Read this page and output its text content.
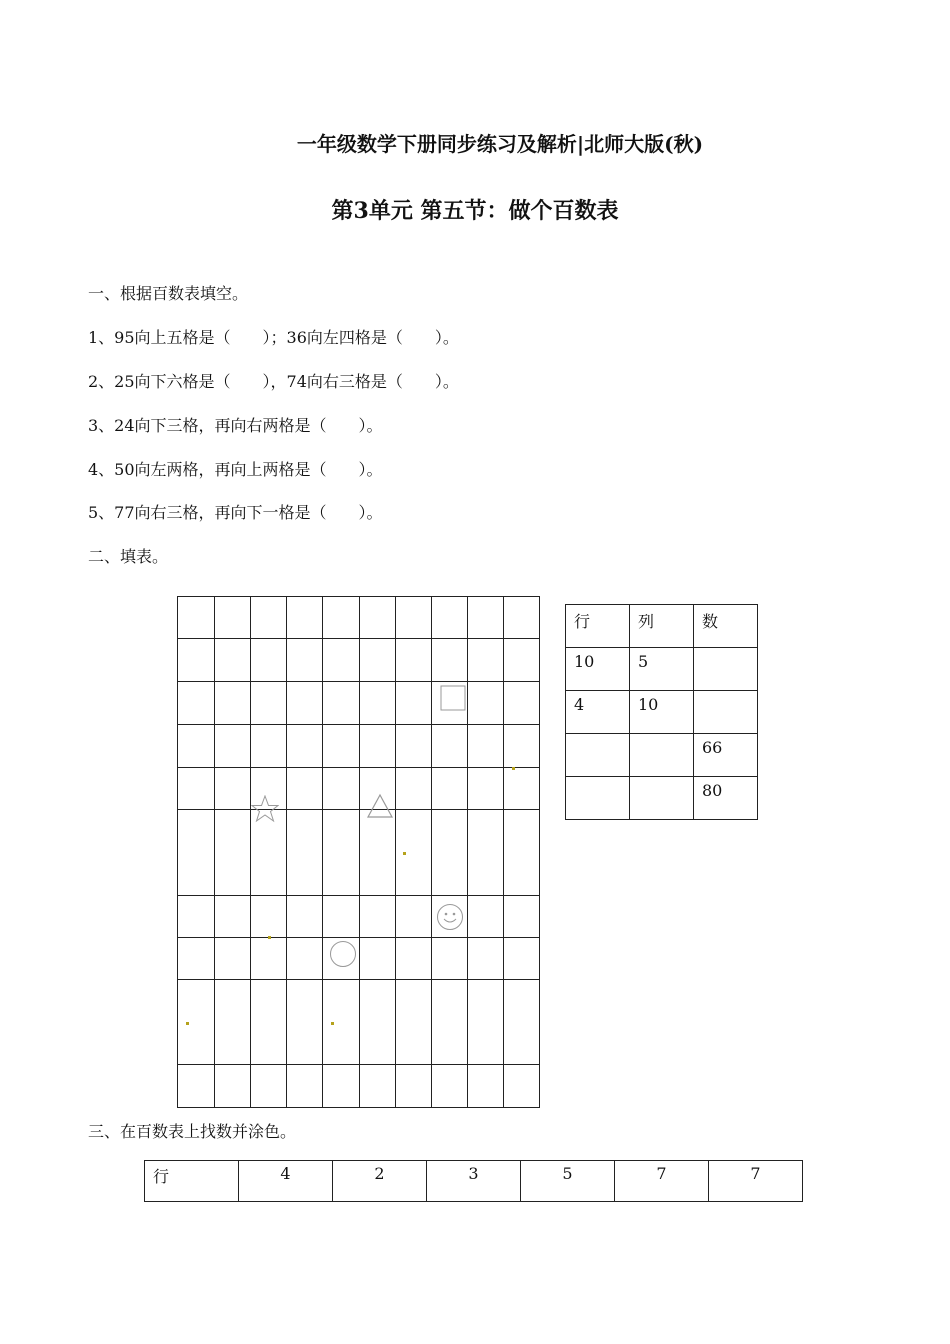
一年级数学下册同步练习及解析|北师大版(秋)
第3单元 第五节：做个百数表
一、根据百数表填空。
1、95向上五格是（　　）；36向左四格是（　　）。
2、25向下六格是（　　），74向右三格是（　　）。
3、24向下三格，再向右两格是（　　）。
4、50向左两格，再向上两格是（　　）。
5、77向右三格，再向下一格是（　　）。
二、填表。
行	列	数
10	5	
4	10	
		66
		80
三、在百数表上找数并涂色。
行	4	2	3	5	7	7
